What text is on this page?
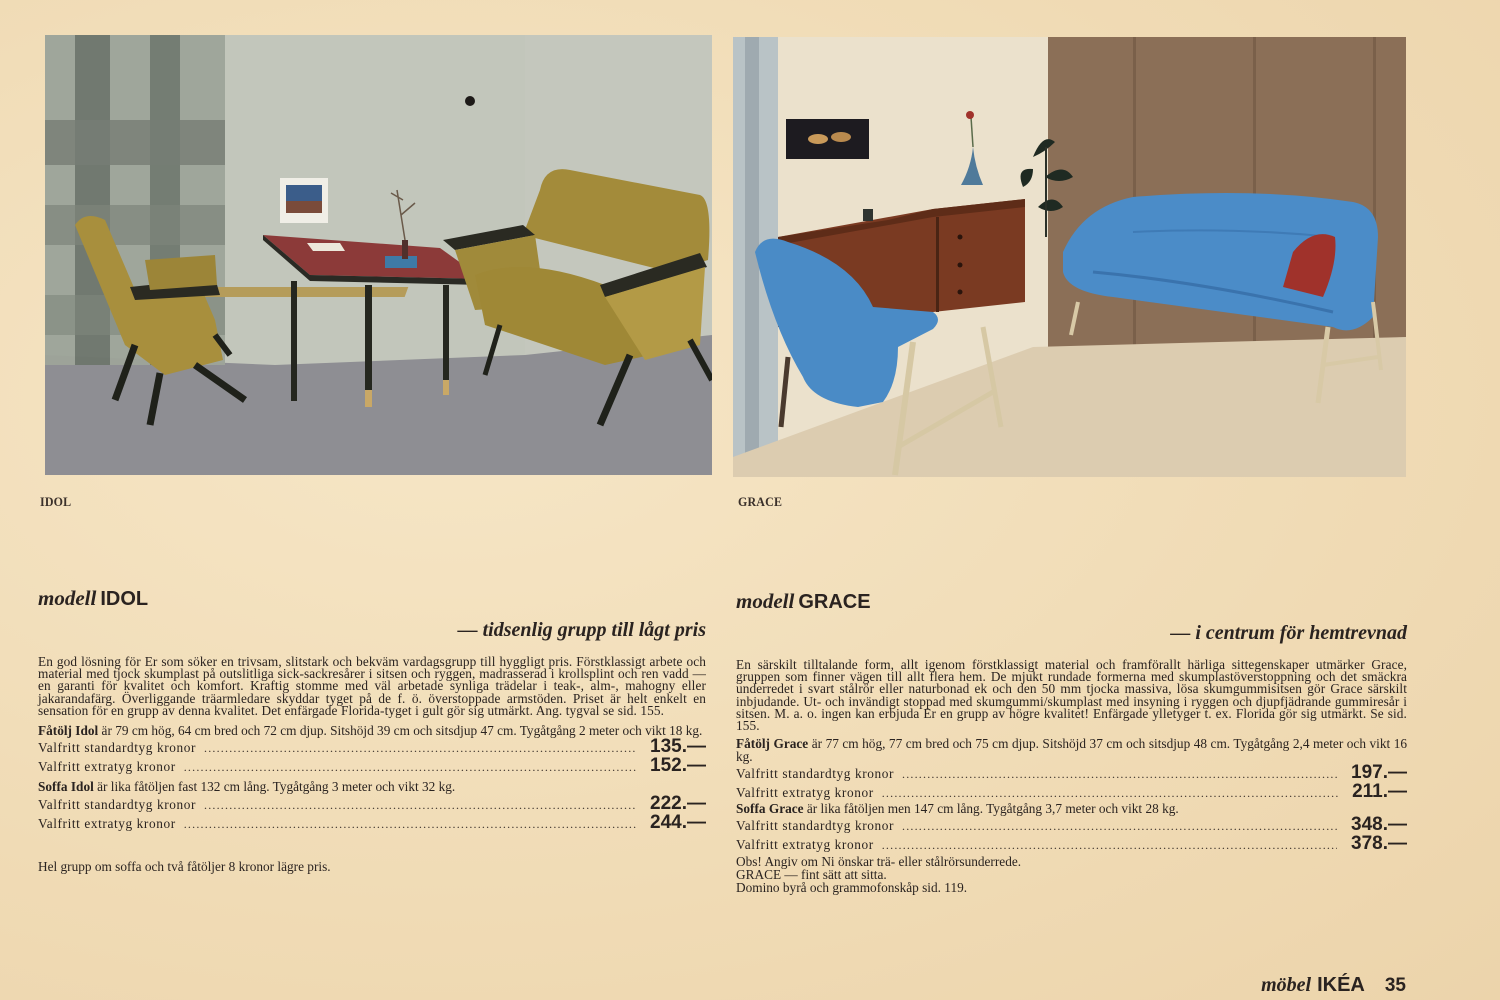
IDOL	GRACE
modell IDOL
— tidsenlig grupp till lågt pris
En god lösning för Er som söker en trivsam, slitstark och bekväm vardagsgrupp till hyggligt pris. Förstklassigt arbete och material med tjock skumplast på outslitliga sick-sackresårer i sitsen och ryggen, madrasserad i krollsplint och ren vadd — en garanti för kvalitet och komfort. Kraftig stomme med väl arbetade synliga trädelar i teak-, alm-, mahogny eller jakarandafärg. Överliggande träarmledare skyddar tyget på de f. ö. överstoppade armstöden. Priset är helt enkelt en sensation för en grupp av denna kvalitet. Det enfärgade Florida-tyget i gult gör sig utmärkt. Ang. tygval se sid. 155.
Fåtölj Idol är 79 cm hög, 64 cm bred och 72 cm djup. Sitshöjd 39 cm och sitsdjup 47 cm. Tygåtgång 2 meter och vikt 18 kg.
Valfritt standardtyg kronor .....	135.—
Valfritt extratyg kronor .....	152.—
Soffa Idol är lika fåtöljen fast 132 cm lång. Tygåtgång 3 meter och vikt 32 kg.
Valfritt standardtyg kronor .....	222.—
Valfritt extratyg kronor .....	244.—
Hel grupp om soffa och två fåtöljer 8 kronor lägre pris.
modell GRACE
— i centrum för hemtrevnad
En särskilt tilltalande form, allt igenom förstklassigt material och framförallt härliga sittegenskaper utmärker Grace, gruppen som finner vägen till allt flera hem. De mjukt rundade formerna med skumplastöverstoppning och det smäckra underredet i svart stålrör eller naturbonad ek och den 50 mm tjocka massiva, lösa skumgummisitsen gör Grace särskilt inbjudande. Ut- och invändigt stoppad med skumgummi/skumplast med insyning i ryggen och djupfjädrande gummiresår i sitsen. M. a. o. ingen kan erbjuda Er en grupp av högre kvalitet! Enfärgade ylletyger t. ex. Florida gör sig utmärkt. Se sid. 155.
Fåtölj Grace är 77 cm hög, 77 cm bred och 75 cm djup. Sitshöjd 37 cm och sitsdjup 48 cm. Tygåtgång 2,4 meter och vikt 16 kg.
Valfritt standardtyg kronor .....	197.—
Valfritt extratyg kronor .....	211.—
Soffa Grace är lika fåtöljen men 147 cm lång. Tygåtgång 3,7 meter och vikt 28 kg.
Valfritt standardtyg kronor .....	348.—
Valfritt extratyg kronor .....	378.—
Obs! Angiv om Ni önskar trä- eller stålrörsunderrede.
GRACE — fint sätt att sitta.
Domino byrå och grammofonskåp sid. 119.
möbel IKÉA 35
